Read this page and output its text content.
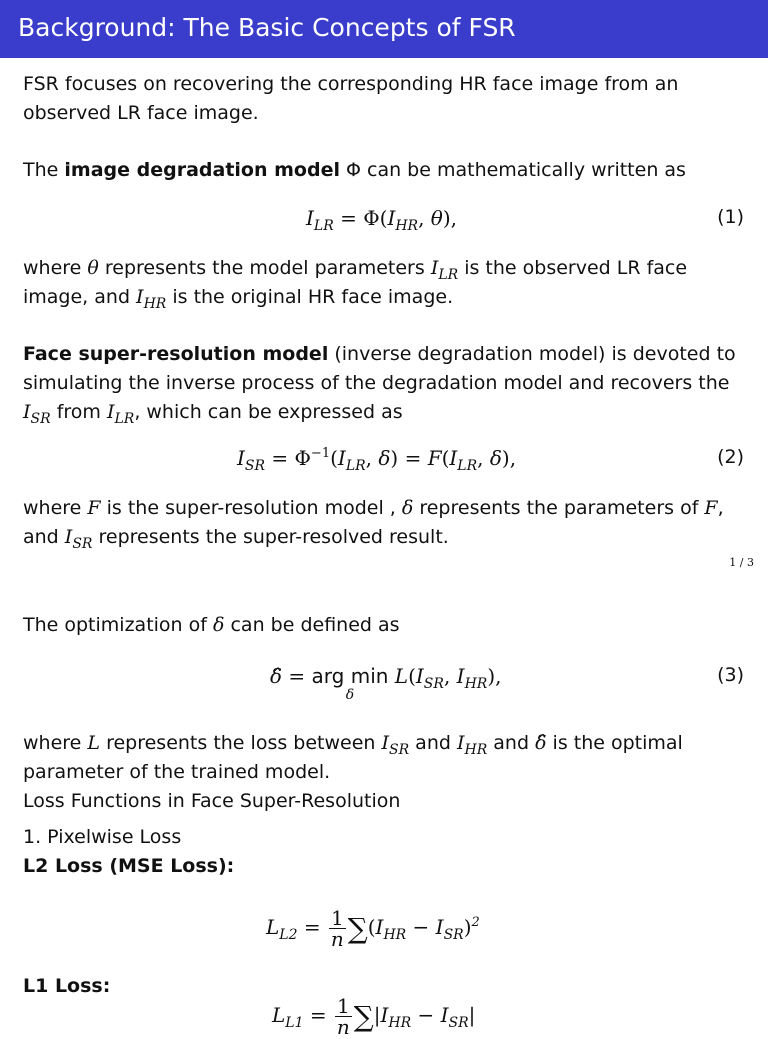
Background: The Basic Concepts of FSR
FSR focuses on recovering the corresponding HR face image from an
observed LR face image.
The image degradation model Φ can be mathematically written as
$I_{LR} = \Phi(I_{HR}$, θ),	(1)
where θ represents the model parameters $I_{LR}$ is the observed LR face
image, and $I_{HR}$ is the original HR face image.
Face super-resolution model (inverse degradation model) is devoted to
simulating the inverse process of the degradation model and recovers the
$I_{SR}$ from $I_{LR}$, which can be expressed as
$I_{SR} = \Phi^{-1}(I_{LR}$, $\delta) = F(I_{LR}$, δ),	(2)
where F is the super-resolution model , δ represents the parameters of F,
and $I_{SR}$ represents the super-resolved result.
1 / 3
The optimization of δ can be defined as
δ̂ = arg min
δ
$L(I_{SR}$, $I_{HR}$),	(3)
where L represents the loss between $I_{SR}$ and $I_{HR}$ and δ̂ is the optimal
parameter of the trained model.
Loss Functions in Face Super-Resolution
1. Pixelwise Loss
L2 Loss (MSE Loss):
$L_{L2} = \frac{1}{n} \sum(I_{HR} - I_{SR})^2$
L1 Loss:
$L_{L1} = \frac{1}{n} \sum|I_{HR} - I_{SR}|$
